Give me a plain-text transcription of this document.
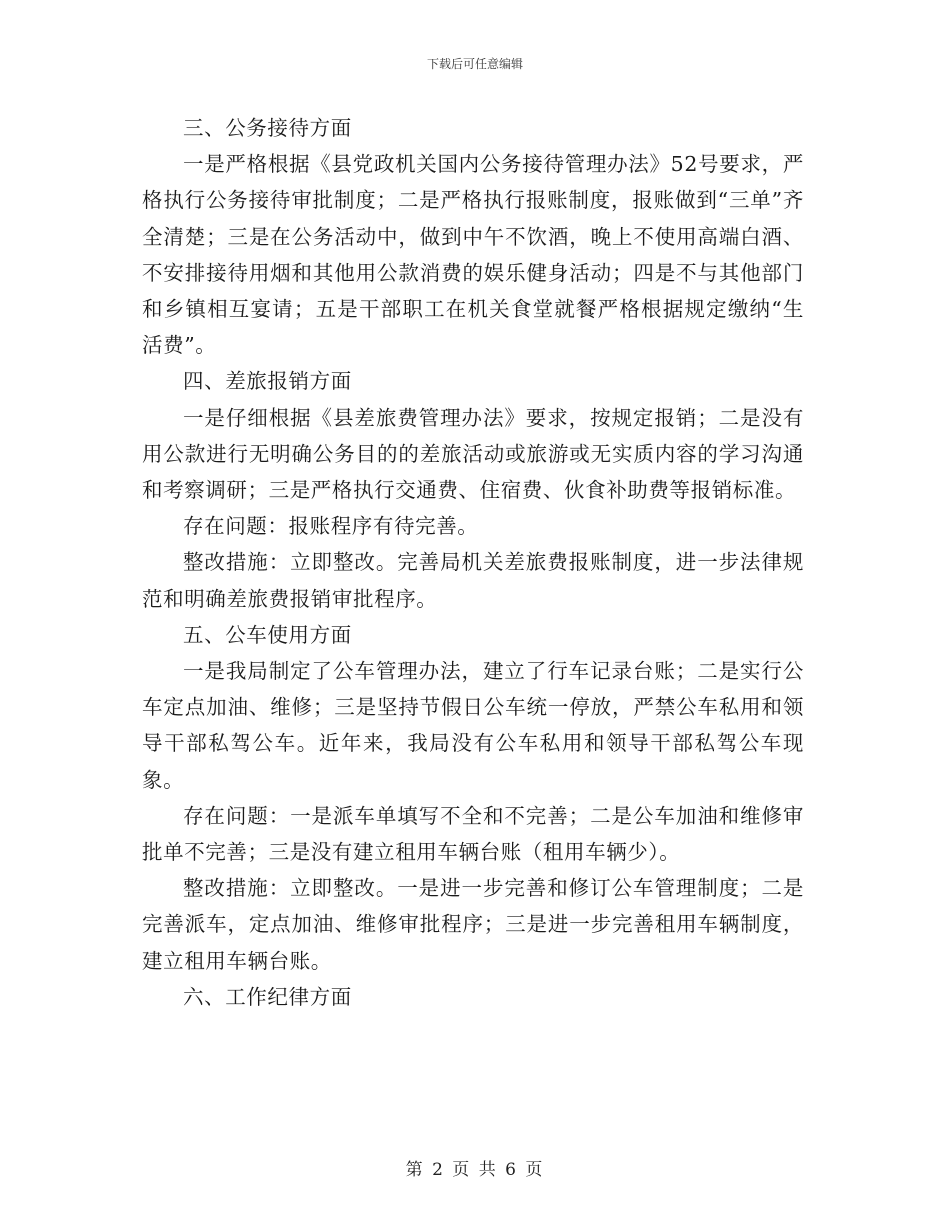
下载后可任意编辑

三、公务接待方面

一是严格根据《县党政机关国内公务接待管理办法》52号要求，严格执行公务接待审批制度；二是严格执行报账制度，报账做到“三单”齐全清楚；三是在公务活动中，做到中午不饮酒，晚上不使用高端白酒、不安排接待用烟和其他用公款消费的娱乐健身活动；四是不与其他部门和乡镇相互宴请；五是干部职工在机关食堂就餐严格根据规定缴纳“生活费”。

四、差旅报销方面

一是仔细根据《县差旅费管理办法》要求，按规定报销；二是没有用公款进行无明确公务目的的差旅活动或旅游或无实质内容的学习沟通和考察调研；三是严格执行交通费、住宿费、伙食补助费等报销标准。

存在问题：报账程序有待完善。

整改措施：立即整改。完善局机关差旅费报账制度，进一步法律规范和明确差旅费报销审批程序。

五、公车使用方面

一是我局制定了公车管理办法，建立了行车记录台账；二是实行公车定点加油、维修；三是坚持节假日公车统一停放，严禁公车私用和领导干部私驾公车。近年来，我局没有公车私用和领导干部私驾公车现象。

存在问题：一是派车单填写不全和不完善；二是公车加油和维修审批单不完善；三是没有建立租用车辆台账（租用车辆少）。

整改措施：立即整改。一是进一步完善和修订公车管理制度；二是完善派车，定点加油、维修审批程序；三是进一步完善租用车辆制度，建立租用车辆台账。

六、工作纪律方面

第 2 页 共 6 页
